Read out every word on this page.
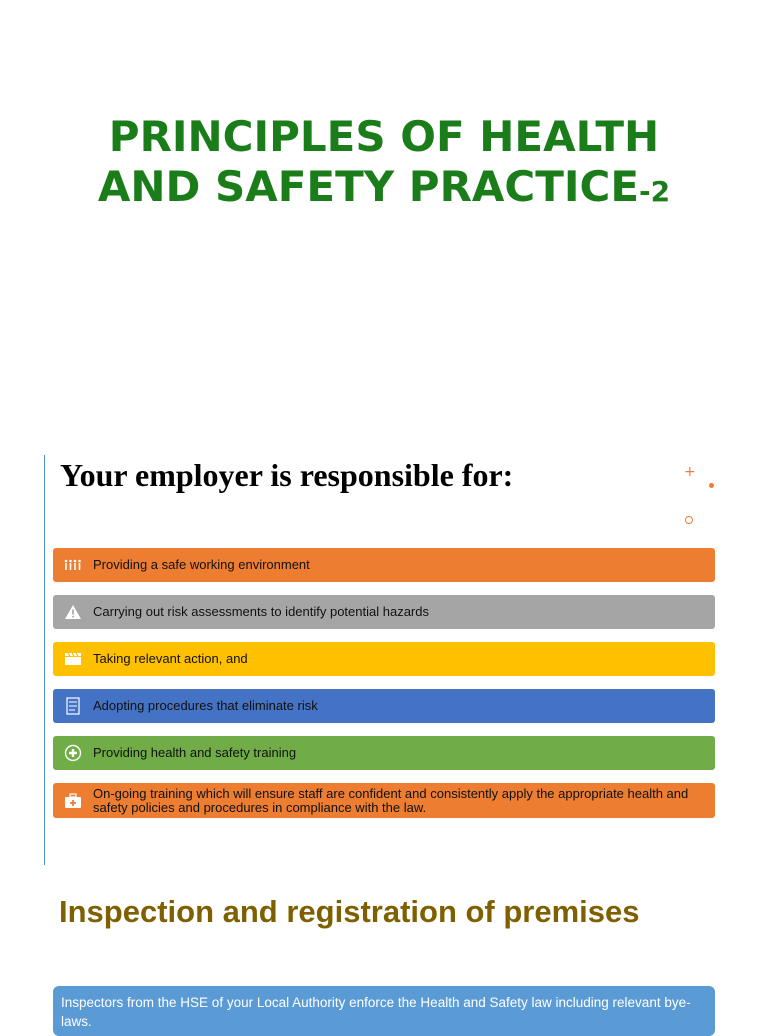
PRINCIPLES OF HEALTH
AND SAFETY PRACTICE-2
Your employer is responsible for:	+
Providing a safe working environment
Carrying out risk assessments to identify potential hazards
Taking relevant action, and
Adopting procedures that eliminate risk
Providing health and safety training
On-going training which will ensure staff are confident and consistently apply the appropriate health and safety policies and procedures in compliance with the law.
Inspection and registration of premises
Inspectors from the HSE of your Local Authority enforce the Health and Safety law including relevant bye-laws.
